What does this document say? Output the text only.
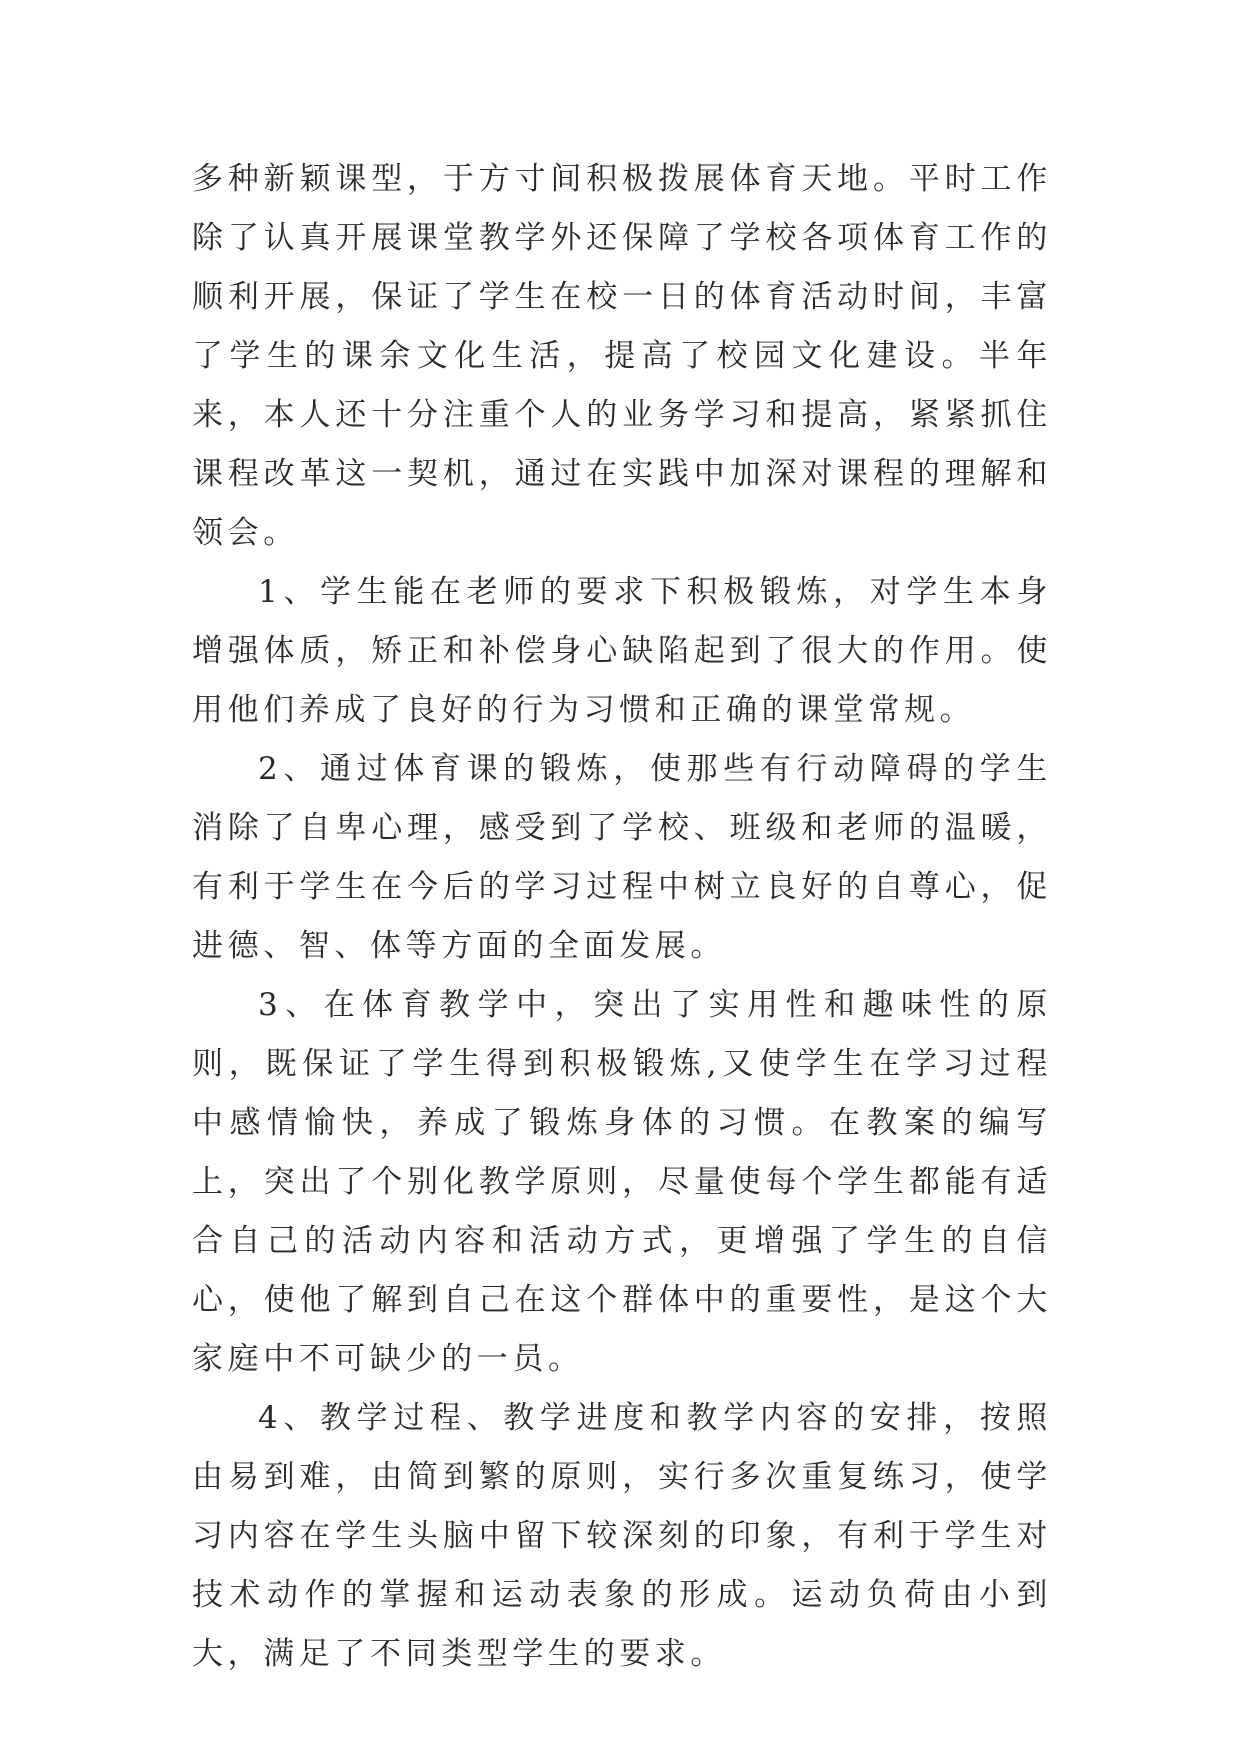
多种新颖课型，于方寸间积极拨展体育天地。平时工作除了认真开展课堂教学外还保障了学校各项体育工作的顺利开展，保证了学生在校一日的体育活动时间，丰富了学生的课余文化生活，提高了校园文化建设。半年来，本人还十分注重个人的业务学习和提高，紧紧抓住课程改革这一契机，通过在实践中加深对课程的理解和领会。

1、学生能在老师的要求下积极锻炼，对学生本身增强体质，矫正和补偿身心缺陷起到了很大的作用。使用他们养成了良好的行为习惯和正确的课堂常规。

2、通过体育课的锻炼，使那些有行动障碍的学生消除了自卑心理，感受到了学校、班级和老师的温暖，有利于学生在今后的学习过程中树立良好的自尊心，促进德、智、体等方面的全面发展。

3、在体育教学中，突出了实用性和趣味性的原则，既保证了学生得到积极锻炼,又使学生在学习过程中感情愉快，养成了锻炼身体的习惯。在教案的编写上，突出了个别化教学原则，尽量使每个学生都能有适合自己的活动内容和活动方式，更增强了学生的自信心，使他了解到自己在这个群体中的重要性，是这个大家庭中不可缺少的一员。

4、教学过程、教学进度和教学内容的安排，按照由易到难，由简到繁的原则，实行多次重复练习，使学习内容在学生头脑中留下较深刻的印象，有利于学生对技术动作的掌握和运动表象的形成。运动负荷由小到大，满足了不同类型学生的要求。
